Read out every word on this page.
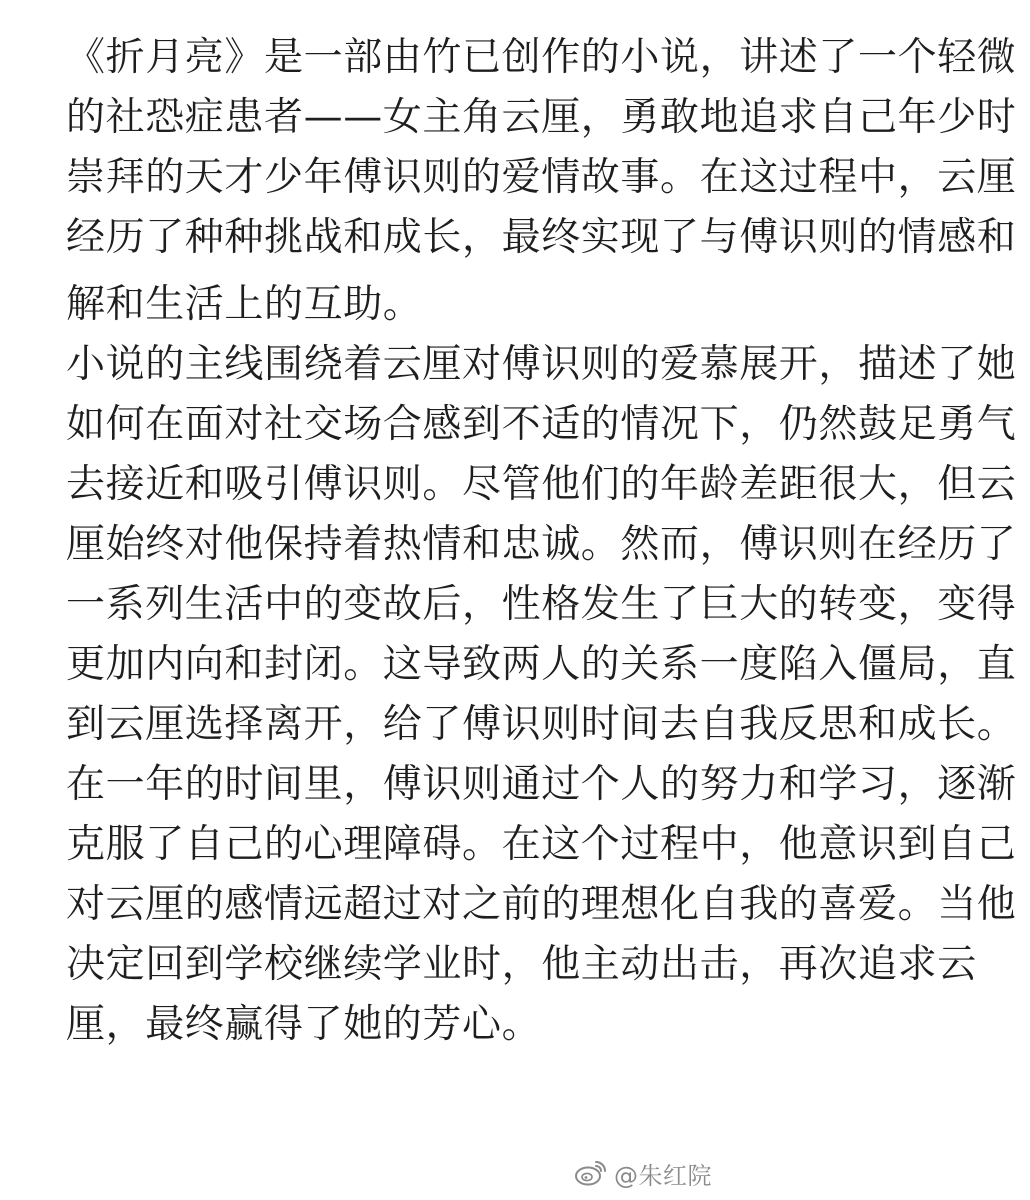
《折月亮》是一部由竹已创作的小说，讲述了一个轻微
的社恐症患者——女主角云厘，勇敢地追求自己年少时
崇拜的天才少年傅识则的爱情故事。在这过程中，云厘
经历了种种挑战和成长，最终实现了与傅识则的情感和
解和生活上的互助。
小说的主线围绕着云厘对傅识则的爱慕展开，描述了她
如何在面对社交场合感到不适的情况下，仍然鼓足勇气
去接近和吸引傅识则。尽管他们的年龄差距很大，但云
厘始终对他保持着热情和忠诚。然而，傅识则在经历了
一系列生活中的变故后，性格发生了巨大的转变，变得
更加内向和封闭。这导致两人的关系一度陷入僵局，直
到云厘选择离开，给了傅识则时间去自我反思和成长。
在一年的时间里，傅识则通过个人的努力和学习，逐渐
克服了自己的心理障碍。在这个过程中，他意识到自己
对云厘的感情远超过对之前的理想化自我的喜爱。当他
决定回到学校继续学业时，他主动出击，再次追求云
厘，最终赢得了她的芳心。
@朱红院
